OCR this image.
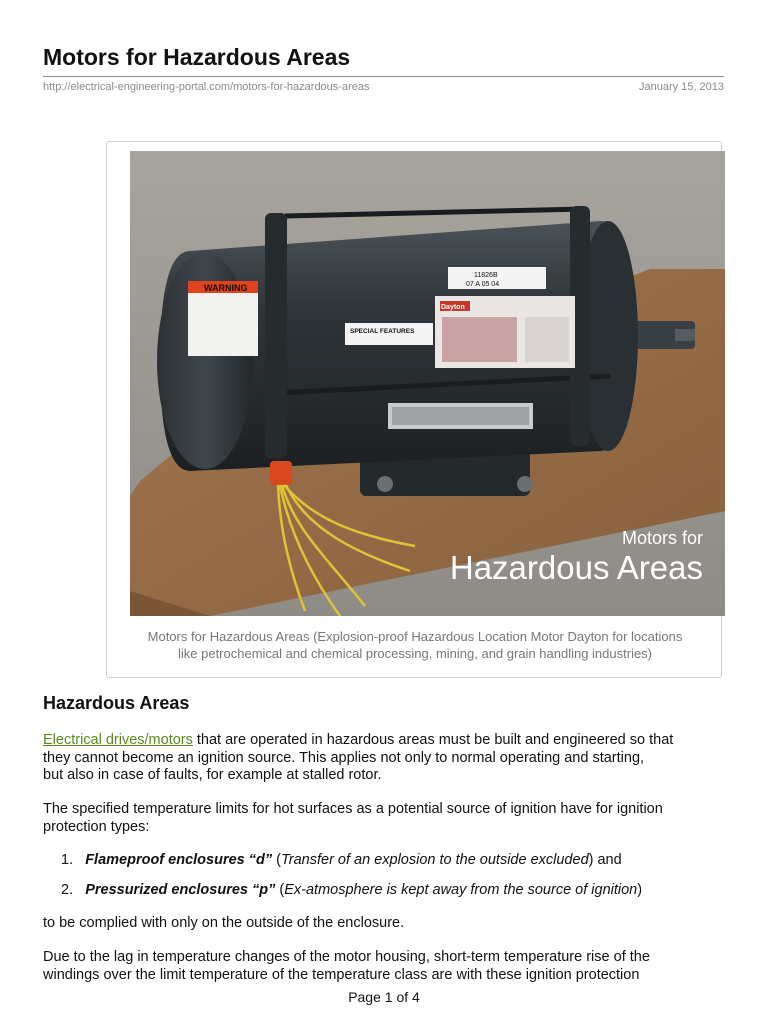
Motors for Hazardous Areas
http://electrical-engineering-portal.com/motors-for-hazardous-areas	January 15, 2013
WARNING
11826B
07 A 05 04
SPECIAL FEATURES
Dayton
Motors for
Hazardous Areas
Motors for Hazardous Areas (Explosion-proof Hazardous Location Motor Dayton for locations
like petrochemical and chemical processing, mining, and grain handling industries)
Hazardous Areas

Electrical drives/motors that are operated in hazardous areas must be built and engineered so that
they cannot become an ignition source. This applies not only to normal operating and starting,
but also in case of faults, for example at stalled rotor.

The specified temperature limits for hot surfaces as a potential source of ignition have for ignition
protection types:

1. Flameproof enclosures “d” (Transfer of an explosion to the outside excluded) and
2. Pressurized enclosures “p” (Ex-atmosphere is kept away from the source of ignition)

to be complied with only on the outside of the enclosure.

Due to the lag in temperature changes of the motor housing, short-term temperature rise of the
windings over the limit temperature of the temperature class are with these ignition protection

Page 1 of 4
